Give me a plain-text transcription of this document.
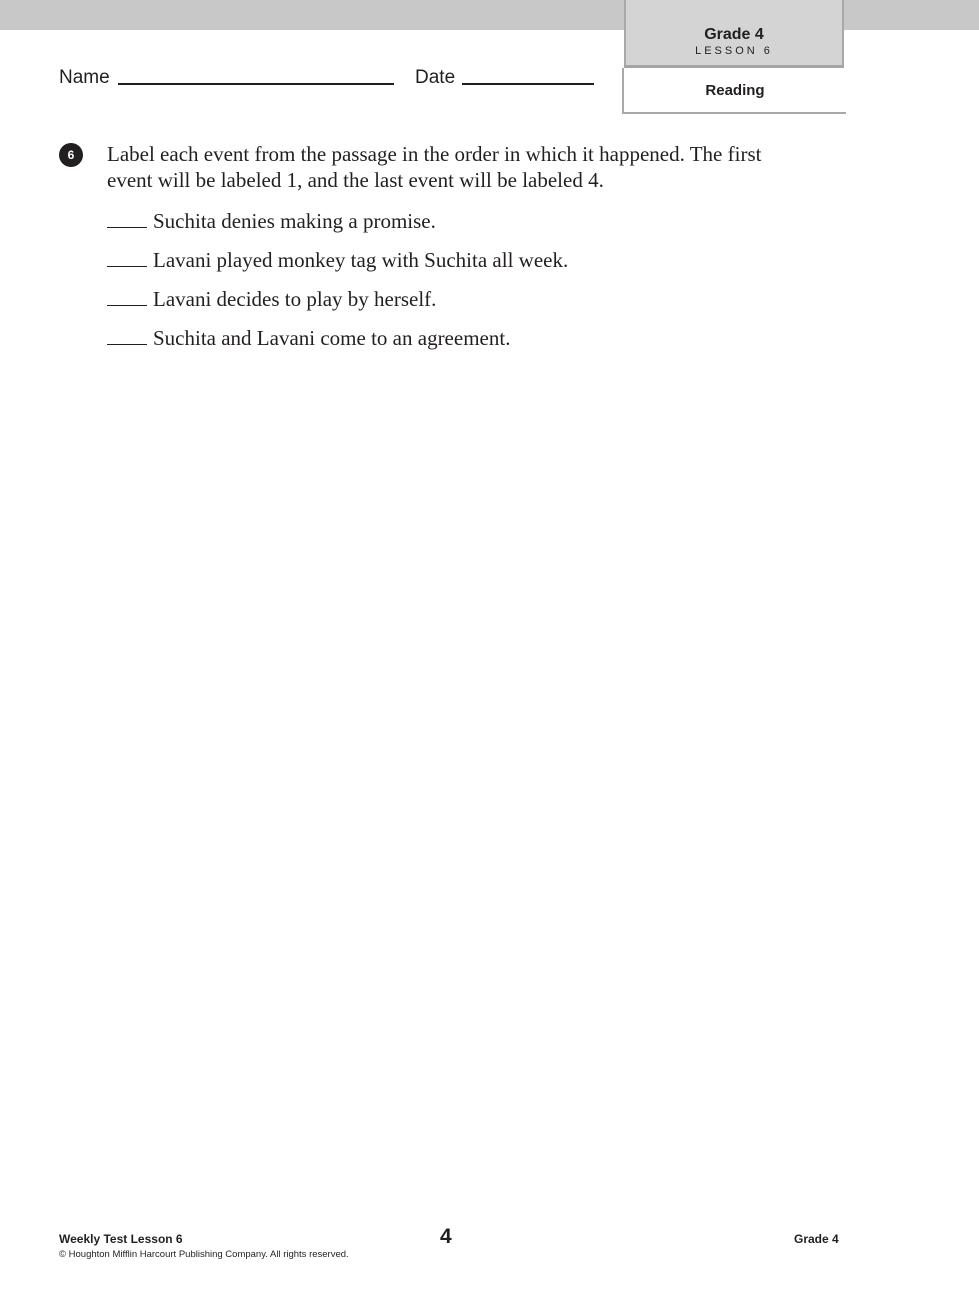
Grade 4
LESSON 6
Reading
Name	Date
6	Label each event from the passage in the order in which it happened. The first event will be labeled 1, and the last event will be labeled 4.
Suchita denies making a promise.
Lavani played monkey tag with Suchita all week.
Lavani decides to play by herself.
Suchita and Lavani come to an agreement.
Weekly Test Lesson 6
© Houghton Mifflin Harcourt Publishing Company. All rights reserved.
4	Grade 4
